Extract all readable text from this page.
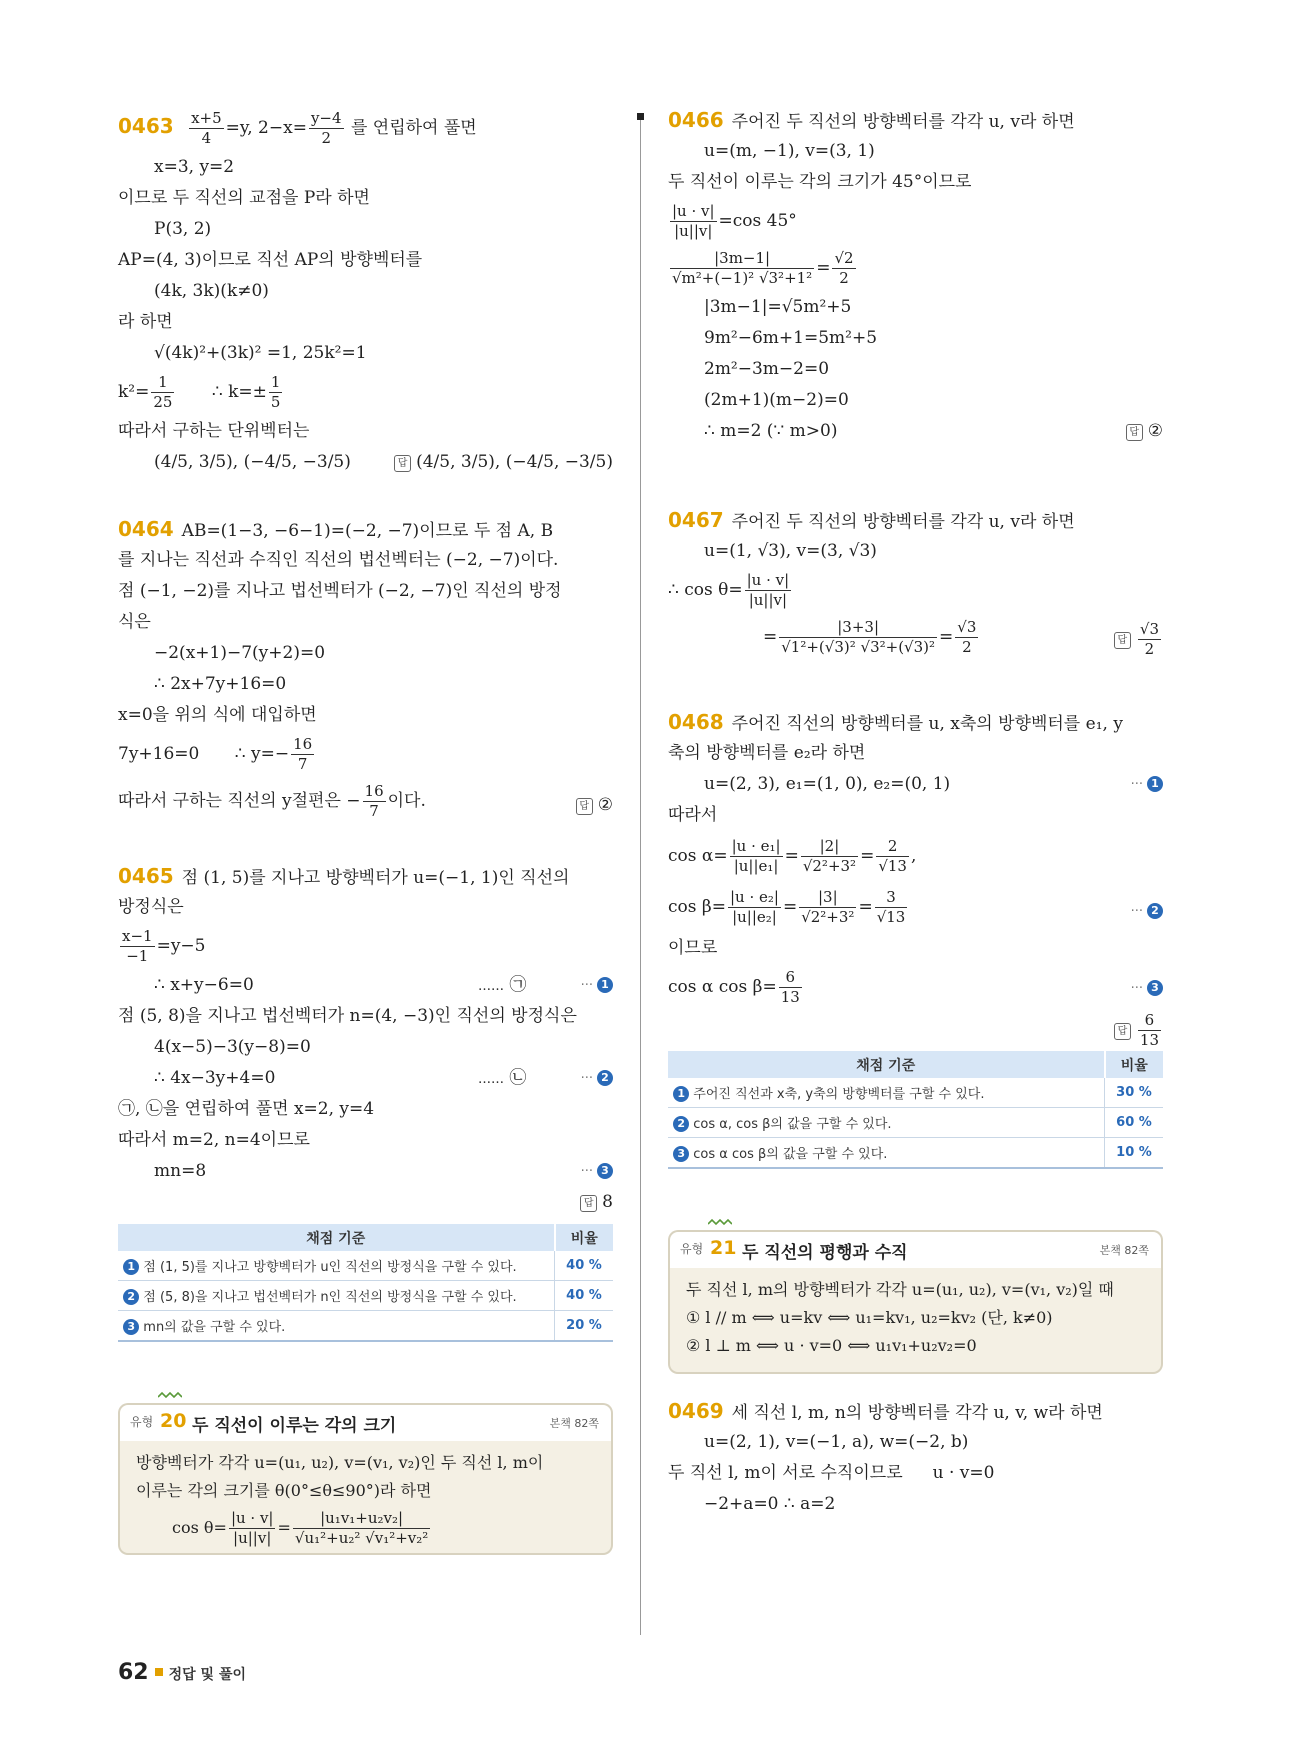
$0463 \frac{x+5}{4} =y$, $2-x= \frac{y-4}{2}$ 를 연립하여 풀면
x=3, y=2
이므로 두 직선의 교점을 P라 하면
P(3, 2)
AP=(4, 3)이므로 직선 AP의 방향벡터를
(4k, 3k)(k≠0)
라 하면
√(4k)²+(3k)² =1, 25k²=1
$k^2= \frac{1}{25}$ ∴ $k=\pm \frac{1}{5}$
따라서 구하는 단위벡터는
(4/5, 3/5), (−4/5, −3/5)	답 (4/5, 3/5), (−4/5, −3/5)
0464 AB=(1−3, −6−1)=(−2, −7)이므로 두 점 A, B
를 지나는 직선과 수직인 직선의 법선벡터는 (−2, −7)이다.
점 (−1, −2)를 지나고 법선벡터가 (−2, −7)인 직선의 방정
식은
−2(x+1)−7(y+2)=0
∴ 2x+7y+16=0
x=0을 위의 식에 대입하면
7y+16=0 ∴ $y=- \frac{16}{7}$
따라서 구하는 직선의 y절편은 − $\frac{16}{7}$ 이다.	답 ②
0465 점 (1, 5)를 지나고 방향벡터가 u=(−1, 1)인 직선의
방정식은
$\frac{x-1}{-1} =y-5$
∴ x+y−6=0	…… ㉠	··· 1
점 (5, 8)을 지나고 법선벡터가 n=(4, −3)인 직선의 방정식은
4(x−5)−3(y−8)=0
∴ 4x−3y+4=0	…… ㉡	··· 2
㉠, ㉡을 연립하여 풀면 x=2, y=4
따라서 m=2, n=4이므로
mn=8	··· 3
답 8
채점 기준	비율
1 점 (1, 5)를 지나고 방향벡터가 u인 직선의 방정식을 구할 수 있다.	40 %
2 점 (5, 8)을 지나고 법선벡터가 n인 직선의 방정식을 구할 수 있다.	40 %
3 mn의 값을 구할 수 있다.	20 %
유형 20 두 직선이 이루는 각의 크기	본책 82쪽
방향벡터가 각각 u=(u₁, u₂), v=(v₁, v₂)인 두 직선 l, m이
이루는 각의 크기를 θ(0°≤θ≤90°)라 하면
$\cos \theta= \frac{|u \cdot v|}{|u||v|} = \frac{\text{|u₁v₁+u₂v₂|}}{\text{√u₁²+u₂² √v₁²+v₂²}}$
0466 주어진 두 직선의 방향벡터를 각각 u, v라 하면
u=(m, −1), v=(3, 1)
두 직선이 이루는 각의 크기가 45°이므로
$\frac{|u \cdot v|}{|u||v|} =\cos$ 45°
$\frac{|3m-1|}{\text{√m²+(−1)² √3²+1²}} = \frac{√2}{2}$
|3m−1|=√5m²+5
9m²−6m+1=5m²+5
2m²−3m−2=0
(2m+1)(m−2)=0
∴ m=2 (∵ m>0)	답 ②
0467 주어진 두 직선의 방향벡터를 각각 u, v라 하면
u=(1, √3), v=(3, √3)
∴ $\cos \theta= \frac{|u \cdot v|}{|u||v|}$
= $\frac{|3+3|}{\text{√1²+(√3)² √3²+(√3)²}} = \frac{√3}{2}$	답 $\frac{√3}{2}$
0468 주어진 직선의 방향벡터를 u, x축의 방향벡터를 e₁, y
축의 방향벡터를 e₂라 하면
u=(2, 3), e₁=(1, 0), e₂=(0, 1)	··· 1
따라서
$\cos \alpha= \frac{\text{|u · e₁|}}{\text{|u||e₁|}} = \frac{|2|}{\text{√2²+3²}} = \frac{2}{√13}$ ,
$\cos \beta= \frac{\text{|u · e₂|}}{\text{|u||e₂|}} = \frac{|3|}{\text{√2²+3²}} = \frac{3}{√13}$	··· 2
이므로
cos α $\cos \beta= \frac{6}{13}$	··· 3
답 $\frac{6}{13}$

채점 기준	비율
1 주어진 직선과 x축, y축의 방향벡터를 구할 수 있다.	30 %
2 cos α, cos β의 값을 구할 수 있다.	60 %
3 cos α cos β의 값을 구할 수 있다.	10 %
유형 21 두 직선의 평행과 수직	본책 82쪽
두 직선 l, m의 방향벡터가 각각 u=(u₁, u₂), v=(v₁, v₂)일 때
① l // m ⟺ u=kv ⟺ u₁=kv₁, u₂=kv₂ (단, k≠0)
② l ⊥ m ⟺ u · v=0 ⟺ u₁v₁+u₂v₂=0
0469 세 직선 l, m, n의 방향벡터를 각각 u, v, w라 하면
u=(2, 1), v=(−1, a), w=(−2, b)
두 직선 l, m이 서로 수직이므로 u · v=0
−2+a=0 ∴ a=2
62 정답 및 풀이
